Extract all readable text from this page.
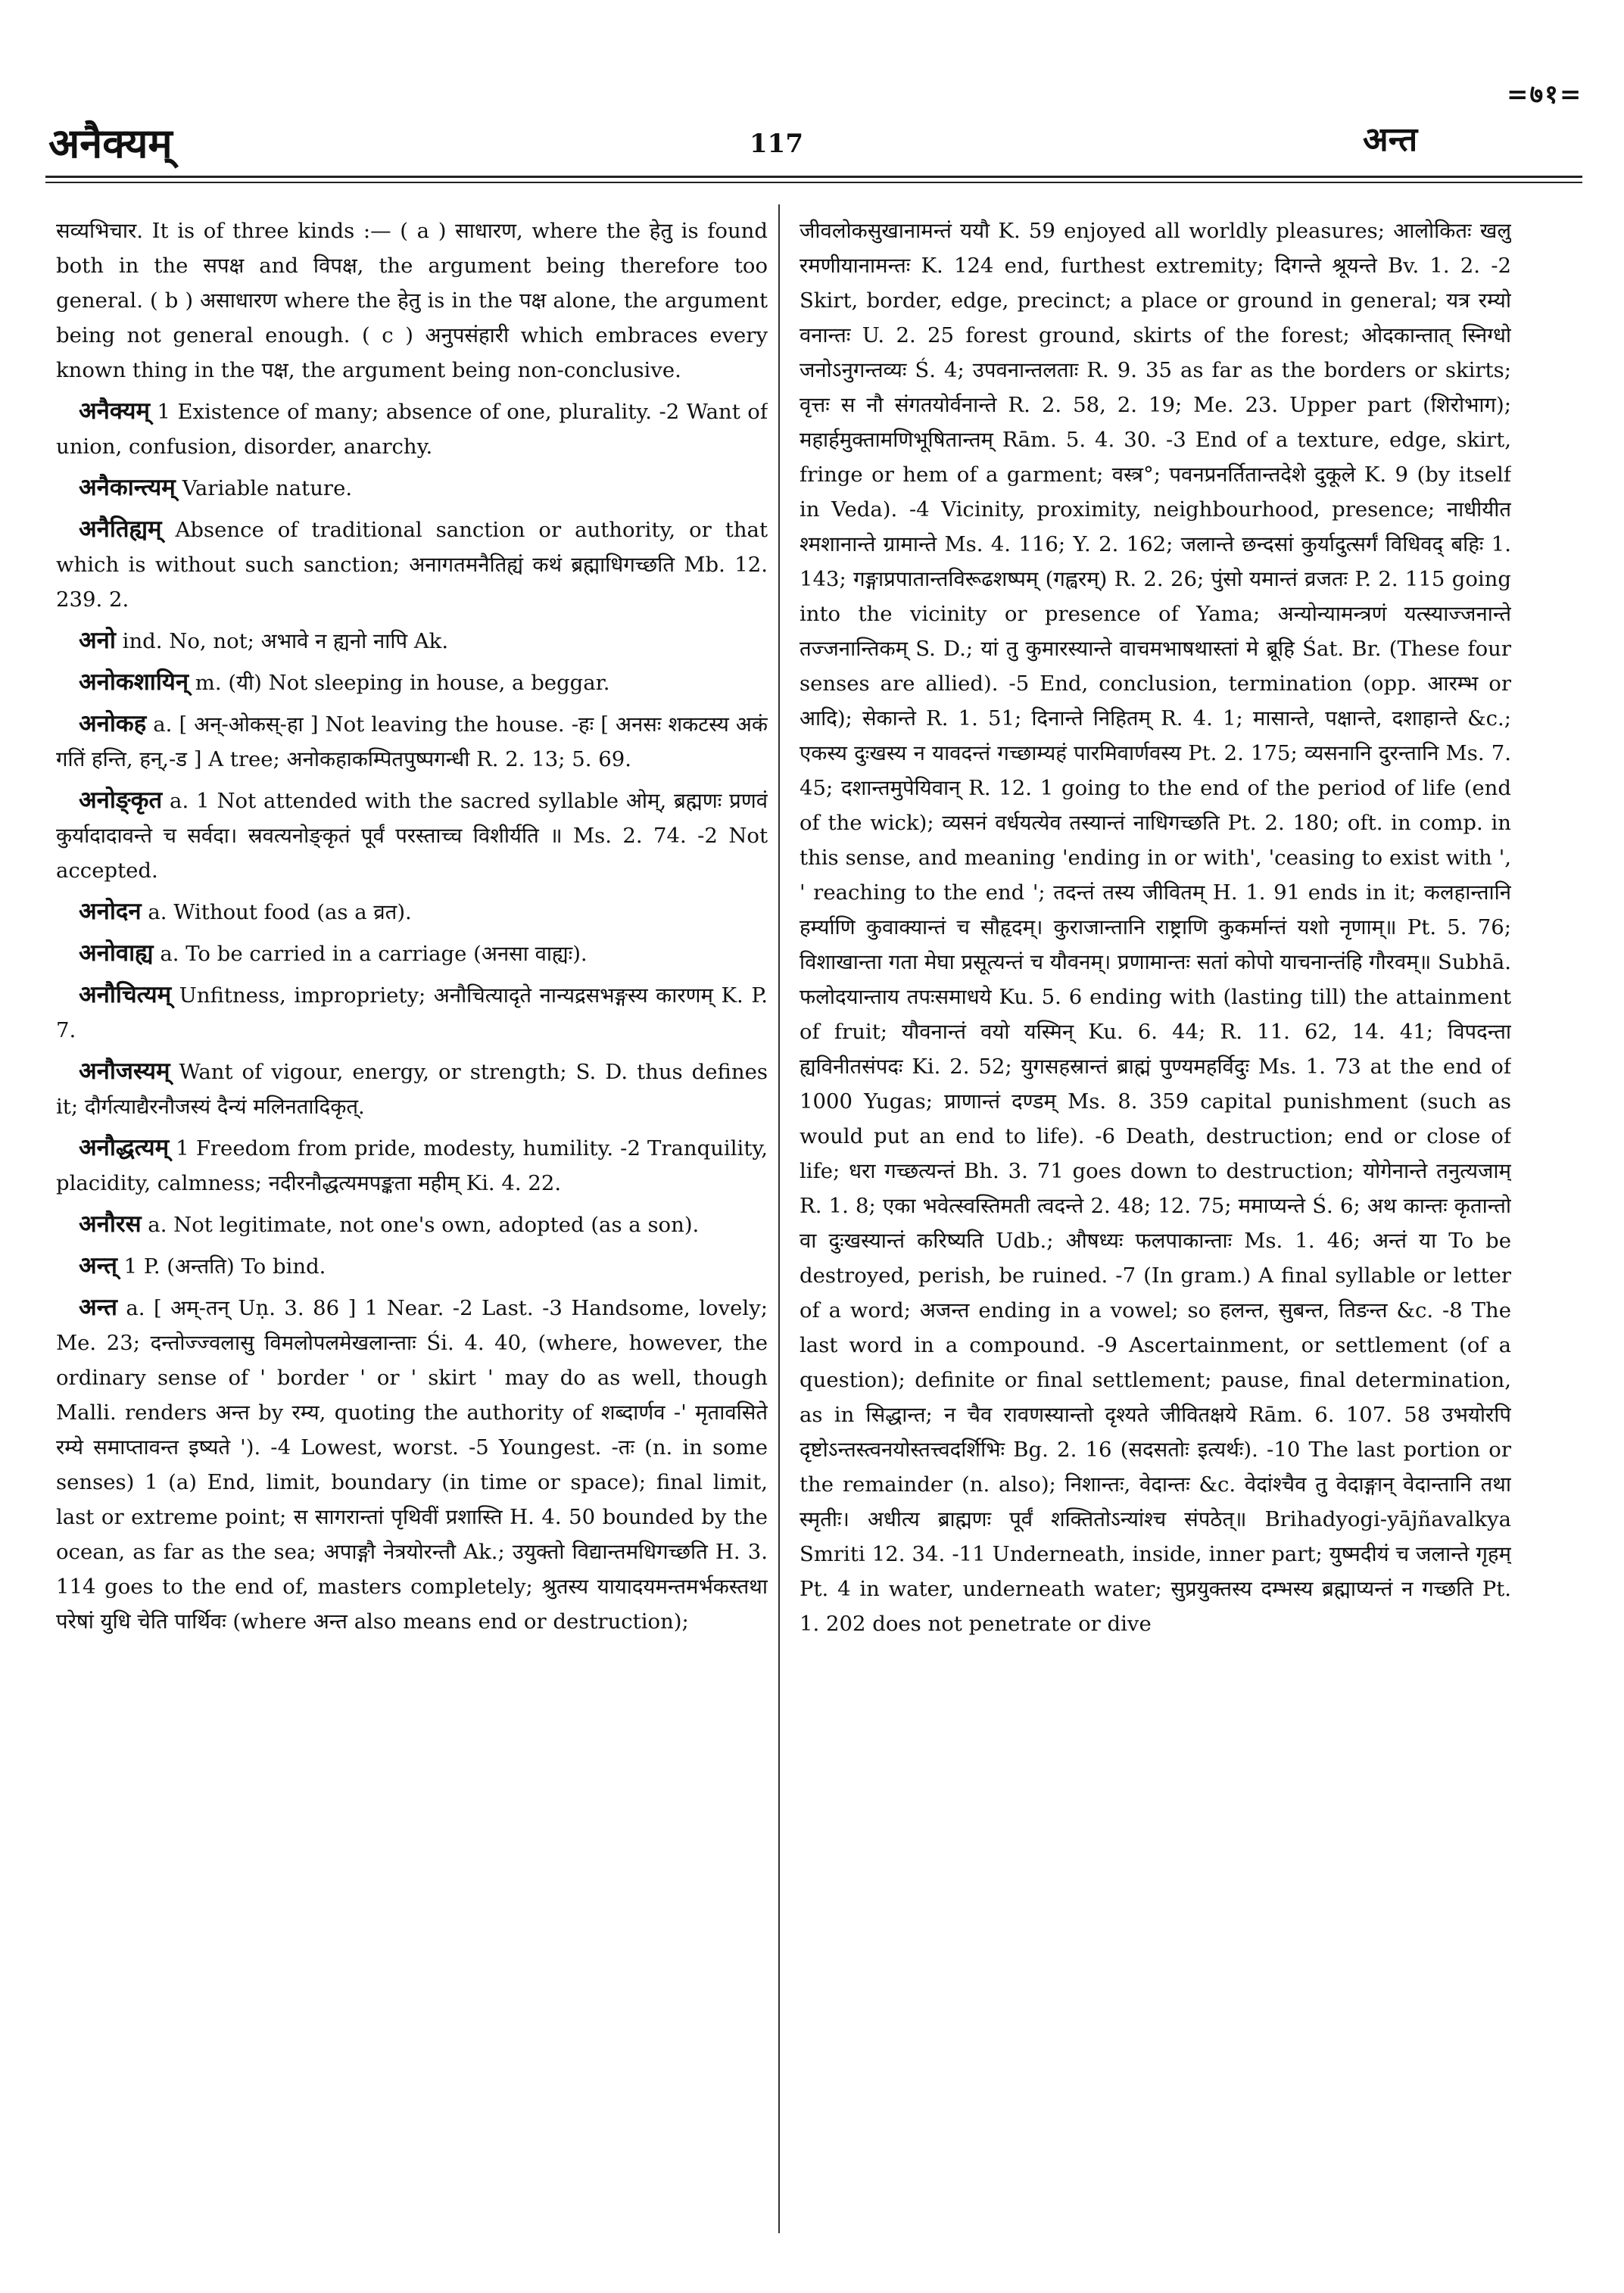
=७१=
अनैक्यम्	117	अन्त

सव्यभिचार. It is of three kinds :— ( a ) साधारण, where the हेतु is found both in the सपक्ष and विपक्ष, the argument being therefore too general. ( b ) असाधारण where the हेतु is in the पक्ष alone, the argument being not general enough. ( c ) अनुपसंहारी which embraces every known thing in the पक्ष, the argument being non-conclusive.

अनैक्यम् 1 Existence of many; absence of one, plurality. -2 Want of union, confusion, disorder, anarchy.

अनैकान्त्यम् Variable nature.

अनैतिह्यम् Absence of traditional sanction or authority, or that which is without such sanction; अनागतमनैतिह्यं कथं ब्रह्माधिगच्छति Mb. 12. 239. 2.

अनो ind. No, not; अभावे न ह्यनो नापि Ak.

अनोकशायिन् m. (यी) Not sleeping in house, a beggar.

अनोकह a. [ अन्-ओकस्-हा ] Not leaving the house. -हः [ अनसः शकटस्य अकं गतिं हन्ति, हन्,-ड ] A tree; अनोकहाकम्पितपुष्पगन्धी R. 2. 13; 5. 69.

अनोङ्कृत a. 1 Not attended with the sacred syllable ओम्, ब्रह्मणः प्रणवं कुर्यादादावन्ते च सर्वदा। स्रवत्यनोङ्कृतं पूर्वं परस्ताच्च विशीर्यति ॥ Ms. 2. 74. -2 Not accepted.

अनोदन a. Without food (as a व्रत).

अनोवाह्य a. To be carried in a carriage (अनसा वाह्यः).

अनौचित्यम् Unfitness, impropriety; अनौचित्यादृते नान्यद्रसभङ्गस्य कारणम् K. P. 7.

अनौजस्यम् Want of vigour, energy, or strength; S. D. thus defines it; दौर्गत्याद्यैरनौजस्यं दैन्यं मलिनतादिकृत्.

अनौद्धत्यम् 1 Freedom from pride, modesty, humility. -2 Tranquility, placidity, calmness; नदीरनौद्धत्यमपङ्कता महीम् Ki. 4. 22.

अनौरस a. Not legitimate, not one's own, adopted (as a son).

अन्त् 1 P. (अन्तति) To bind.

अन्त a. [ अम्-तन् Uṇ. 3. 86 ] 1 Near. -2 Last. -3 Handsome, lovely; Me. 23; दन्तोज्ज्वलासु विमलोपलमेखलान्ताः Śi. 4. 40, (where, however, the ordinary sense of ' border ' or ' skirt ' may do as well, though Malli. renders अन्त by रम्य, quoting the authority of शब्दार्णव -' मृतावसिते रम्ये समाप्तावन्त इष्यते '). -4 Lowest, worst. -5 Youngest. -तः (n. in some senses) 1 (a) End, limit, boundary (in time or space); final limit, last or extreme point; स सागरान्तां पृथिवीं प्रशास्ति H. 4. 50 bounded by the ocean, as far as the sea; अपाङ्गौ नेत्रयोरन्तौ Ak.; उयुक्तो विद्यान्तमधिगच्छति H. 3. 114 goes to the end of, masters completely; श्रुतस्य यायादयमन्तमर्भकस्तथा परेषां युधि चेति पार्थिवः (where अन्त also means end or destruction);

जीवलोकसुखानामन्तं ययौ K. 59 enjoyed all worldly pleasures; आलोकितः खलु रमणीयानामन्तः K. 124 end, furthest extremity; दिगन्ते श्रूयन्ते Bv. 1. 2. -2 Skirt, border, edge, precinct; a place or ground in general; यत्र रम्यो वनान्तः U. 2. 25 forest ground, skirts of the forest; ओदकान्तात् स्निग्धो जनोऽनुगन्तव्यः Ś. 4; उपवनान्तलताः R. 9. 35 as far as the borders or skirts; वृत्तः स नौ संगतयोर्वनान्ते R. 2. 58, 2. 19; Me. 23. Upper part (शिरोभाग); महार्हमुक्तामणिभूषितान्तम् Rām. 5. 4. 30. -3 End of a texture, edge, skirt, fringe or hem of a garment; वस्त्र°; पवनप्रनर्तितान्तदेशे दुकूले K. 9 (by itself in Veda). -4 Vicinity, proximity, neighbourhood, presence; नाधीयीत श्मशानान्ते ग्रामान्ते Ms. 4. 116; Y. 2. 162; जलान्ते छन्दसां कुर्यादुत्सर्गं विधिवद् बहिः 1. 143; गङ्गाप्रपातान्तविरूढशष्पम् (गह्वरम्) R. 2. 26; पुंसो यमान्तं व्रजतः P. 2. 115 going into the vicinity or presence of Yama; अन्योन्यामन्त्रणं यत्स्याज्जनान्ते तज्जनान्तिकम् S. D.; यां तु कुमारस्यान्ते वाचमभाषथास्तां मे ब्रूहि Śat. Br. (These four senses are allied). -5 End, conclusion, termination (opp. आरम्भ or आदि); सेकान्ते R. 1. 51; दिनान्ते निहितम् R. 4. 1; मासान्ते, पक्षान्ते, दशाहान्ते &c.; एकस्य दुःखस्य न यावदन्तं गच्छाम्यहं पारमिवार्णवस्य Pt. 2. 175; व्यसनानि दुरन्तानि Ms. 7. 45; दशान्तमुपेयिवान् R. 12. 1 going to the end of the period of life (end of the wick); व्यसनं वर्धयत्येव तस्यान्तं नाधिगच्छति Pt. 2. 180; oft. in comp. in this sense, and meaning 'ending in or with', 'ceasing to exist with ', ' reaching to the end '; तदन्तं तस्य जीवितम् H. 1. 91 ends in it; कलहान्तानि हर्म्याणि कुवाक्यान्तं च सौहृदम्। कुराजान्तानि राष्ट्राणि कुकर्मान्तं यशो नृणाम्॥ Pt. 5. 76; विशाखान्ता गता मेघा प्रसूत्यन्तं च यौवनम्। प्रणामान्तः सतां कोपो याचनान्तंहि गौरवम्॥ Subhā. फलोदयान्ताय तपःसमाधये Ku. 5. 6 ending with (lasting till) the attainment of fruit; यौवनान्तं वयो यस्मिन् Ku. 6. 44; R. 11. 62, 14. 41; विपदन्ता ह्यविनीतसंपदः Ki. 2. 52; युगसहस्रान्तं ब्राह्मं पुण्यमहर्विदुः Ms. 1. 73 at the end of 1000 Yugas; प्राणान्तं दण्डम् Ms. 8. 359 capital punishment (such as would put an end to life). -6 Death, destruction; end or close of life; धरा गच्छत्यन्तं Bh. 3. 71 goes down to destruction; योगेनान्ते तनुत्यजाम् R. 1. 8; एका भवेत्स्वस्तिमती त्वदन्ते 2. 48; 12. 75; ममाप्यन्ते Ś. 6; अथ कान्तः कृतान्तो वा दुःखस्यान्तं करिष्यति Udb.; औषध्यः फलपाकान्ताः Ms. 1. 46; अन्तं या To be destroyed, perish, be ruined. -7 (In gram.) A final syllable or letter of a word; अजन्त ending in a vowel; so हलन्त, सुबन्त, तिङन्त &c. -8 The last word in a compound. -9 Ascertainment, or settlement (of a question); definite or final settlement; pause, final determination, as in सिद्धान्त; न चैव रावणस्यान्तो दृश्यते जीवितक्षये Rām. 6. 107. 58 उभयोरपि दृष्टोऽन्तस्त्वनयोस्तत्त्वदर्शिभिः Bg. 2. 16 (सदसतोः इत्यर्थः). -10 The last portion or the remainder (n. also); निशान्तः, वेदान्तः &c. वेदांश्चैव तु वेदाङ्गान् वेदान्तानि तथा स्मृतीः। अधीत्य ब्राह्मणः पूर्वं शक्तितोऽन्यांश्च संपठेत्॥ Brihadyogi-yājñavalkya Smriti 12. 34. -11 Underneath, inside, inner part; युष्मदीयं च जलान्ते गृहम् Pt. 4 in water, underneath water; सुप्रयुक्तस्य दम्भस्य ब्रह्माप्यन्तं न गच्छति Pt. 1. 202 does not penetrate or dive
